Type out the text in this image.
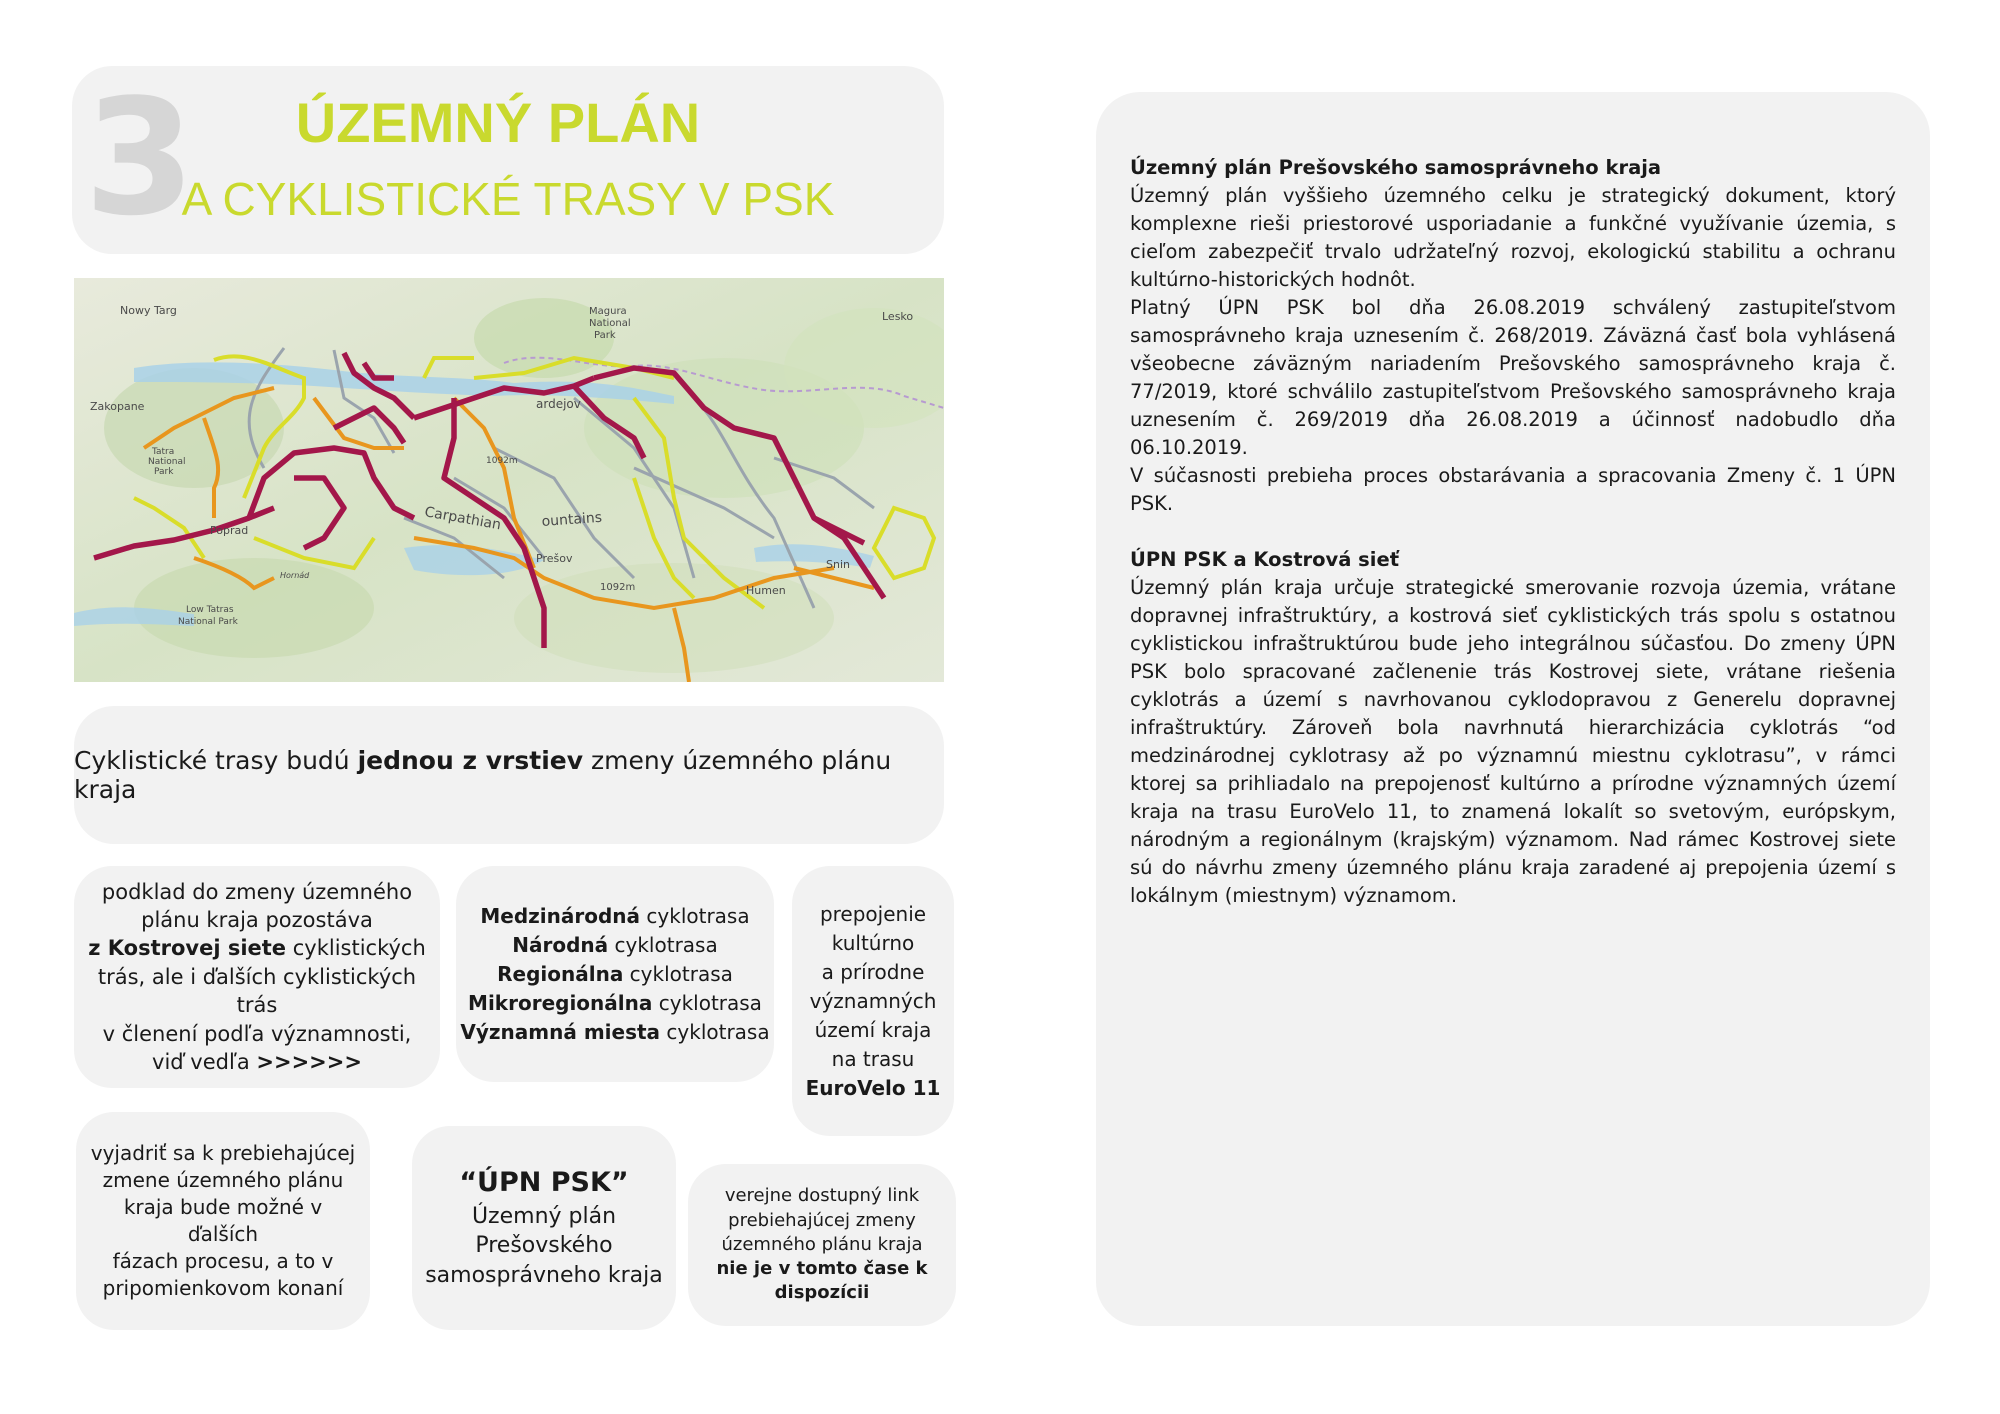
3	ÚZEMNÝ PLÁN
A CYKLISTICKÉ TRASY V PSK
Nowy Targ	Magura
National
Park
Lesko
Zakopane
Tatra
National
Park
ardejov
Poprad	Carpathian	ountains
Prešov
Humen
Snin
Low Tatras
National Park
1092m
1092m
Hornád
Cyklistické trasy budú jednou z vrstiev zmeny územného plánu kraja
podklad do zmeny územného
plánu kraja pozostáva
z Kostrovej siete cyklistických
trás, ale i ďalších cyklistických trás
v členení podľa významnosti,
viď vedľa >>>>>>
Medzinárodná cyklotrasa
Národná cyklotrasa
Regionálna cyklotrasa
Mikroregionálna cyklotrasa
Významná miesta cyklotrasa
prepojenie
kultúrno
a prírodne
významných
území kraja
na trasu
EuroVelo 11
vyjadriť sa k prebiehajúcej
zmene územného plánu
kraja bude možné v ďalších
fázach procesu, a to v
pripomienkovom konaní
“ÚPN PSK”
Územný plán
Prešovského
samosprávneho kraja
verejne dostupný link
prebiehajúcej zmeny
územného plánu kraja
nie je v tomto čase k
dispozícii

Územný plán Prešovského samosprávneho kraja

Územný plán vyššieho územného celku je strategický dokument, ktorý komplexne rieši priestorové usporiadanie a funkčné využívanie územia, s cieľom zabezpečiť trvalo udržateľný rozvoj, ekologickú stabilitu a ochranu kultúrno-historických hodnôt.

Platný ÚPN PSK bol dňa 26.08.2019 schválený zastupiteľstvom samosprávneho kraja uznesením č. 268/2019. Záväzná časť bola vyhlásená všeobecne záväzným nariadením Prešovského samosprávneho kraja č. 77/2019, ktoré schválilo zastupiteľstvom Prešovského samosprávneho kraja uznesením č. 269/2019 dňa 26.08.2019 a účinnosť nadobudlo dňa 06.10.2019.

V súčasnosti prebieha proces obstarávania a spracovania Zmeny č. 1 ÚPN PSK.

ÚPN PSK a Kostrová sieť

Územný plán kraja určuje strategické smerovanie rozvoja územia, vrátane dopravnej infraštruktúry, a kostrová sieť cyklistických trás spolu s ostatnou cyklistickou infraštruktúrou bude jeho integrálnou súčasťou. Do zmeny ÚPN PSK bolo spracované začlenenie trás Kostrovej siete, vrátane riešenia cyklotrás a území s navrhovanou cyklodopravou z Generelu dopravnej infraštruktúry. Zároveň bola navrhnutá hierarchizácia cyklotrás “od medzinárodnej cyklotrasy až po významnú miestnu cyklotrasu”, v rámci ktorej sa prihliadalo na prepojenosť kultúrno a prírodne významných území kraja na trasu EuroVelo 11, to znamená lokalít so svetovým, európskym, národným a regionálnym (krajským) významom. Nad rámec Kostrovej siete sú do návrhu zmeny územného plánu kraja zaradené aj prepojenia území s lokálnym (miestnym) významom.
